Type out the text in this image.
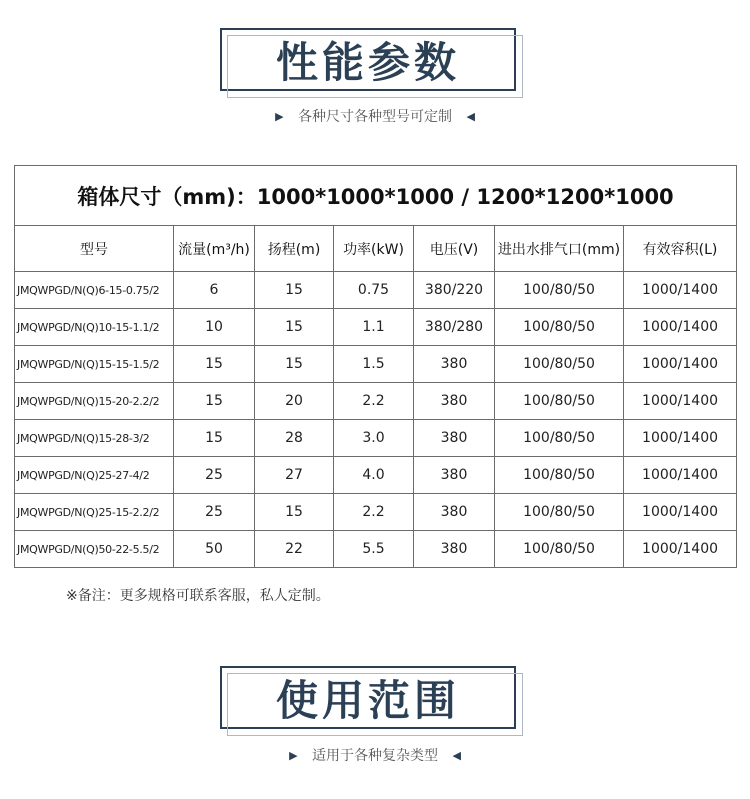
性能参数
▶ 各种尺寸各种型号可定制 ◀
箱体尺寸（mm)：1000*1000*1000 / 1200*1200*1000						
型号	流量(m³/h)	扬程(m)	功率(kW)	电压(V)	进出水排气口(mm)	有效容积(L)
JMQWPGD/N(Q)6-15-0.75/2	6	15	0.75	380/220	100/80/50	1000/1400
JMQWPGD/N(Q)10-15-1.1/2	10	15	1.1	380/280	100/80/50	1000/1400
JMQWPGD/N(Q)15-15-1.5/2	15	15	1.5	380	100/80/50	1000/1400
JMQWPGD/N(Q)15-20-2.2/2	15	20	2.2	380	100/80/50	1000/1400
JMQWPGD/N(Q)15-28-3/2	15	28	3.0	380	100/80/50	1000/1400
JMQWPGD/N(Q)25-27-4/2	25	27	4.0	380	100/80/50	1000/1400
JMQWPGD/N(Q)25-15-2.2/2	25	15	2.2	380	100/80/50	1000/1400
JMQWPGD/N(Q)50-22-5.5/2	50	22	5.5	380	100/80/50	1000/1400
※备注：更多规格可联系客服，私人定制。
使用范围
▶ 适用于各种复杂类型 ◀
